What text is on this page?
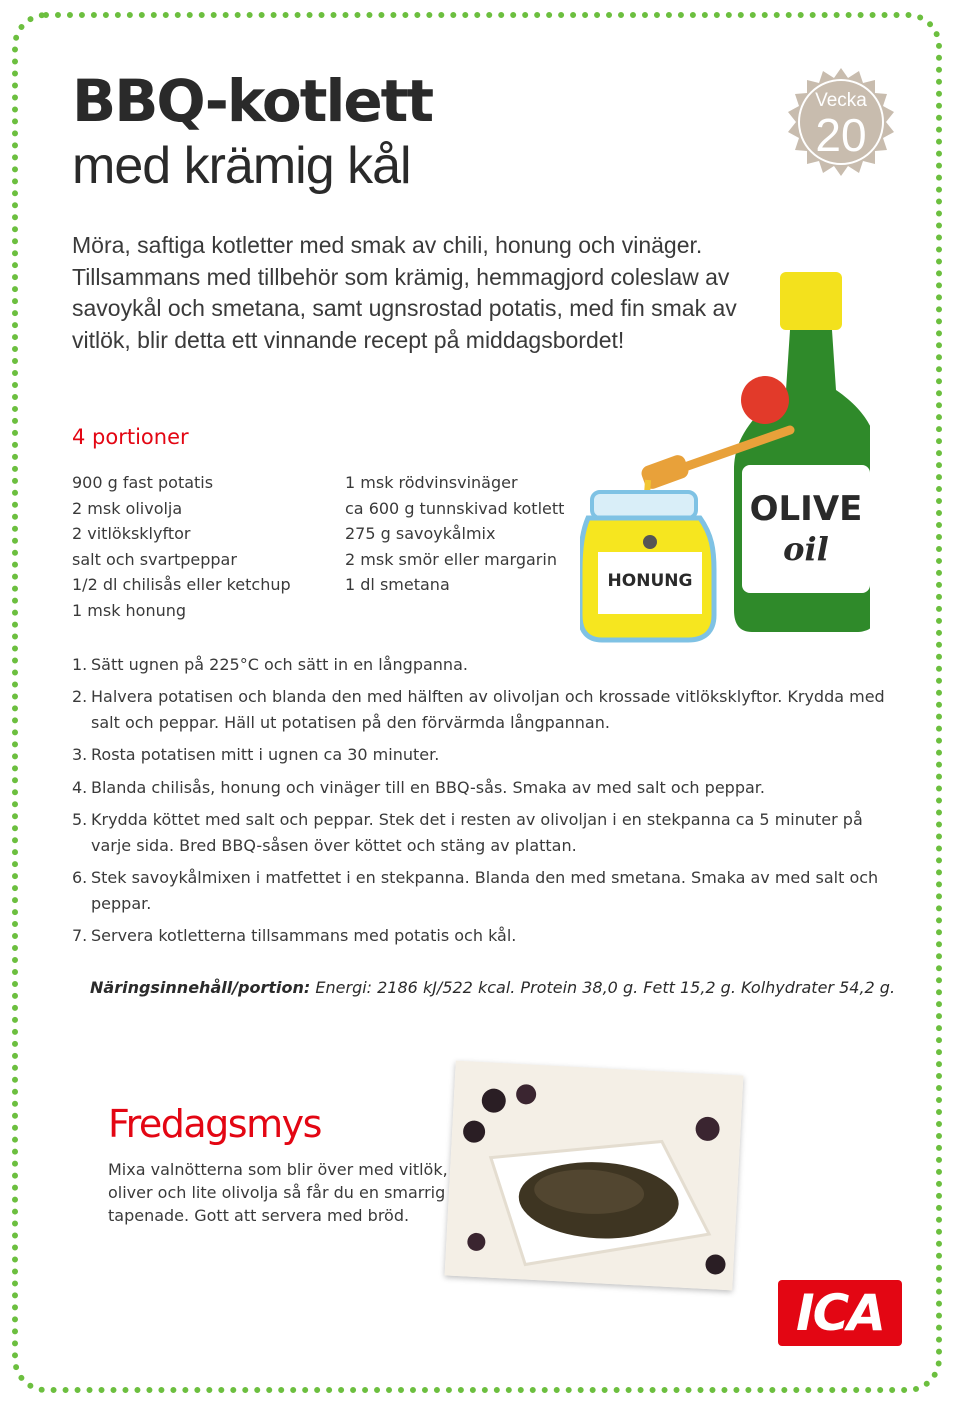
BBQ-kotlett
med krämig kål
Vecka
20

Möra, saftiga kotletter med smak av chili, honung och vinäger. Tillsammans med tillbehör som krämig, hemmagjord coleslaw av savoykål och smetana, samt ugnsrostad potatis, med fin smak av vitlök, blir detta ett vinnande recept på middagsbordet!

4 portioner
900 g fast potatis
2 msk olivolja
2 vitlöksklyftor
salt och svartpeppar
1/2 dl chilisås eller ketchup
1 msk honung
1 msk rödvinsvinäger
ca 600 g tunnskivad kotlett
275 g savoykålmix
2 msk smör eller margarin
1 dl smetana
OLIVE
oil
HONUNG
1. Sätt ugnen på 225°C och sätt in en långpanna.
2. Halvera potatisen och blanda den med hälften av olivoljan och krossade vitlöksklyftor. Krydda med salt och peppar. Häll ut potatisen på den förvärmda långpannan.
3. Rosta potatisen mitt i ugnen ca 30 minuter.
4. Blanda chilisås, honung och vinäger till en BBQ-sås. Smaka av med salt och peppar.
5. Krydda köttet med salt och peppar. Stek det i resten av olivoljan i en stekpanna ca 5 minuter på varje sida. Bred BBQ-såsen över köttet och stäng av plattan.
6. Stek savoykålmixen i matfettet i en stekpanna. Blanda den med smetana. Smaka av med salt och peppar.
7. Servera kotletterna tillsammans med potatis och kål.

Näringsinnehåll/portion: Energi: 2186 kJ/522 kcal. Protein 38,0 g. Fett 15,2 g. Kolhydrater 54,2 g.

Fredagsmys

Mixa valnötterna som blir över med vitlök, oliver och lite olivolja så får du en smarrig tapenade. Gott att servera med bröd.

ICA
